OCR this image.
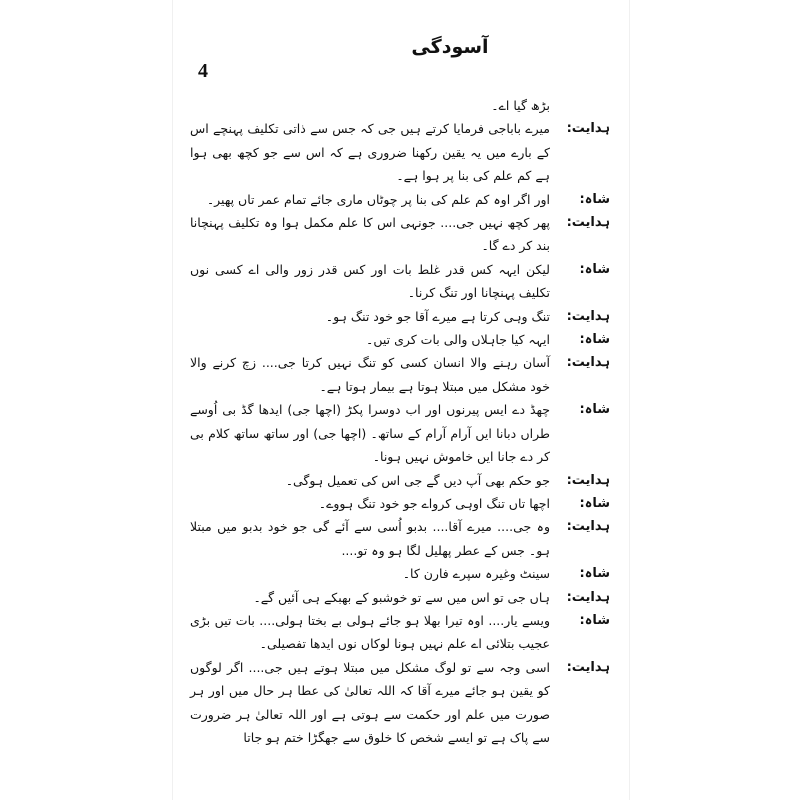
4
آسودگی
بڑھ گیا اے۔
ہدایت:
میرے باباجی فرمایا کرتے ہیں جی کہ جس سے ذاتی تکلیف پہنچے اس کے بارے میں یہ یقین رکھنا ضروری ہے کہ اس سے جو کچھ بھی ہوا ہے کم علم کی بنا پر ہوا ہے۔
شاہ:
اور اگر اوہ کم علم کی بنا پر چوٹاں ماری جائے تمام عمر تاں پھیر۔
ہدایت:
پھر کچھ نہیں جی.... جونہی اس کا علم مکمل ہوا وہ تکلیف پہنچانا بند کر دے گا۔
شاہ:
لیکن ایہہ کس قدر غلط بات اور کس قدر زور والی اے کسی نوں تکلیف پہنچانا اور تنگ کرنا۔
ہدایت:
تنگ وہی کرتا ہے میرے آقا جو خود تنگ ہو۔
شاہ:
ایہہ کیا جاہلاں والی بات کری تیں۔
ہدایت:
آسان رہنے والا انسان کسی کو تنگ نہیں کرتا جی.... زچ کرنے والا خود مشکل میں مبتلا ہوتا ہے بیمار ہوتا ہے۔
شاہ:
چھڈ دے ایس پیرنوں اور اب دوسرا پکڑ (اچھا جی) ایدھا گڈ بی اُوسے طراں دبانا ایں آرام آرام کے ساتھ۔ (اچھا جی) اور ساتھ ساتھ کلام بی کر دے جانا ایں خاموش نہیں ہونا۔
ہدایت:
جو حکم بھی آپ دیں گے جی اس کی تعمیل ہوگی۔
شاہ:
اچھا تاں تنگ اوہی کرواے جو خود تنگ ہووے۔
ہدایت:
وہ جی.... میرے آقا.... بدبو اُسی سے آئے گی جو خود بدبو میں مبتلا ہو۔ جس کے عطر پھلیل لگا ہو وہ تو....
شاہ:
سینٹ وغیرہ سپرے فارن کا۔
ہدایت:
ہاں جی تو اس میں سے تو خوشبو کے بھبکے ہی آئیں گے۔
شاہ:
ویسے یار.... اوہ تیرا بھلا ہو جائے ہولی بے بختا ہولی.... بات تیں بڑی عجیب بتلائی اے علم نہیں ہونا لوکاں نوں ایدھا تفصیلی۔
ہدایت:
اسی وجہ سے تو لوگ مشکل میں مبتلا ہوتے ہیں جی.... اگر لوگوں کو یقین ہو جائے میرے آقا کہ اللہ تعالیٰ کی عطا ہر حال میں اور ہر صورت میں علم اور حکمت سے ہوتی ہے اور اللہ تعالیٰ ہر ضرورت سے پاک ہے تو ایسے شخص کا خلوق سے جھگڑا ختم ہو جاتا
